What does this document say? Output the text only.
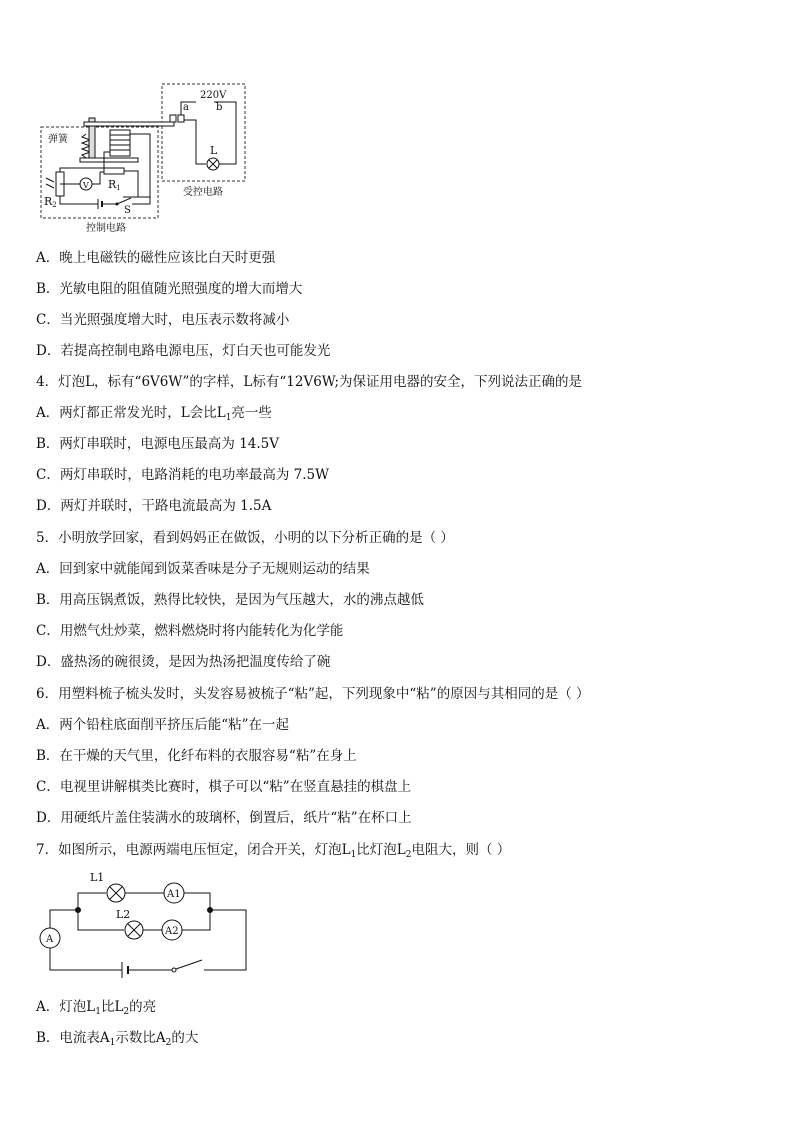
弹簧
R1
R2
V
S
220V
a	b
L
控制电路
受控电路
A．晚上电磁铁的磁性应该比白天时更强
B．光敏电阻的阻值随光照强度的增大而增大
C．当光照强度增大时，电压表示数将减小
D．若提高控制电路电源电压，灯白天也可能发光
4．灯泡L，标有“6V6W”的字样，L标有“12V6W;为保证用电器的安全，下列说法正确的是
A．两灯都正常发光时，L会比$L_1$亮一些
B．两灯串联时，电源电压最高为 14.5V
C．两灯串联时，电路消耗的电功率最高为 7.5W
D．两灯并联时，干路电流最高为 1.5A
5．小明放学回家，看到妈妈正在做饭，小明的以下分析正确的是（ ）
A．回到家中就能闻到饭菜香味是分子无规则运动的结果
B．用高压锅煮饭，熟得比较快，是因为气压越大，水的沸点越低
C．用燃气灶炒菜，燃料燃烧时将内能转化为化学能
D．盛热汤的碗很烫，是因为热汤把温度传给了碗
6．用塑料梳子梳头发时，头发容易被梳子“粘”起，下列现象中“粘”的原因与其相同的是（ ）
A．两个铅柱底面削平挤压后能“粘”在一起
B．在干燥的天气里，化纤布料的衣服容易“粘”在身上
C．电视里讲解棋类比赛时，棋子可以“粘”在竖直悬挂的棋盘上
D．用硬纸片盖住装满水的玻璃杯，倒置后，纸片“粘”在杯口上
7．如图所示，电源两端电压恒定，闭合开关，灯泡$L_1$比灯泡$L_2$电阻大，则（ ）
L1
L2
A1
A2
A
A．灯泡$L_1$比$L_2$的亮
B．电流表$A_1$示数比$A_2$的大
